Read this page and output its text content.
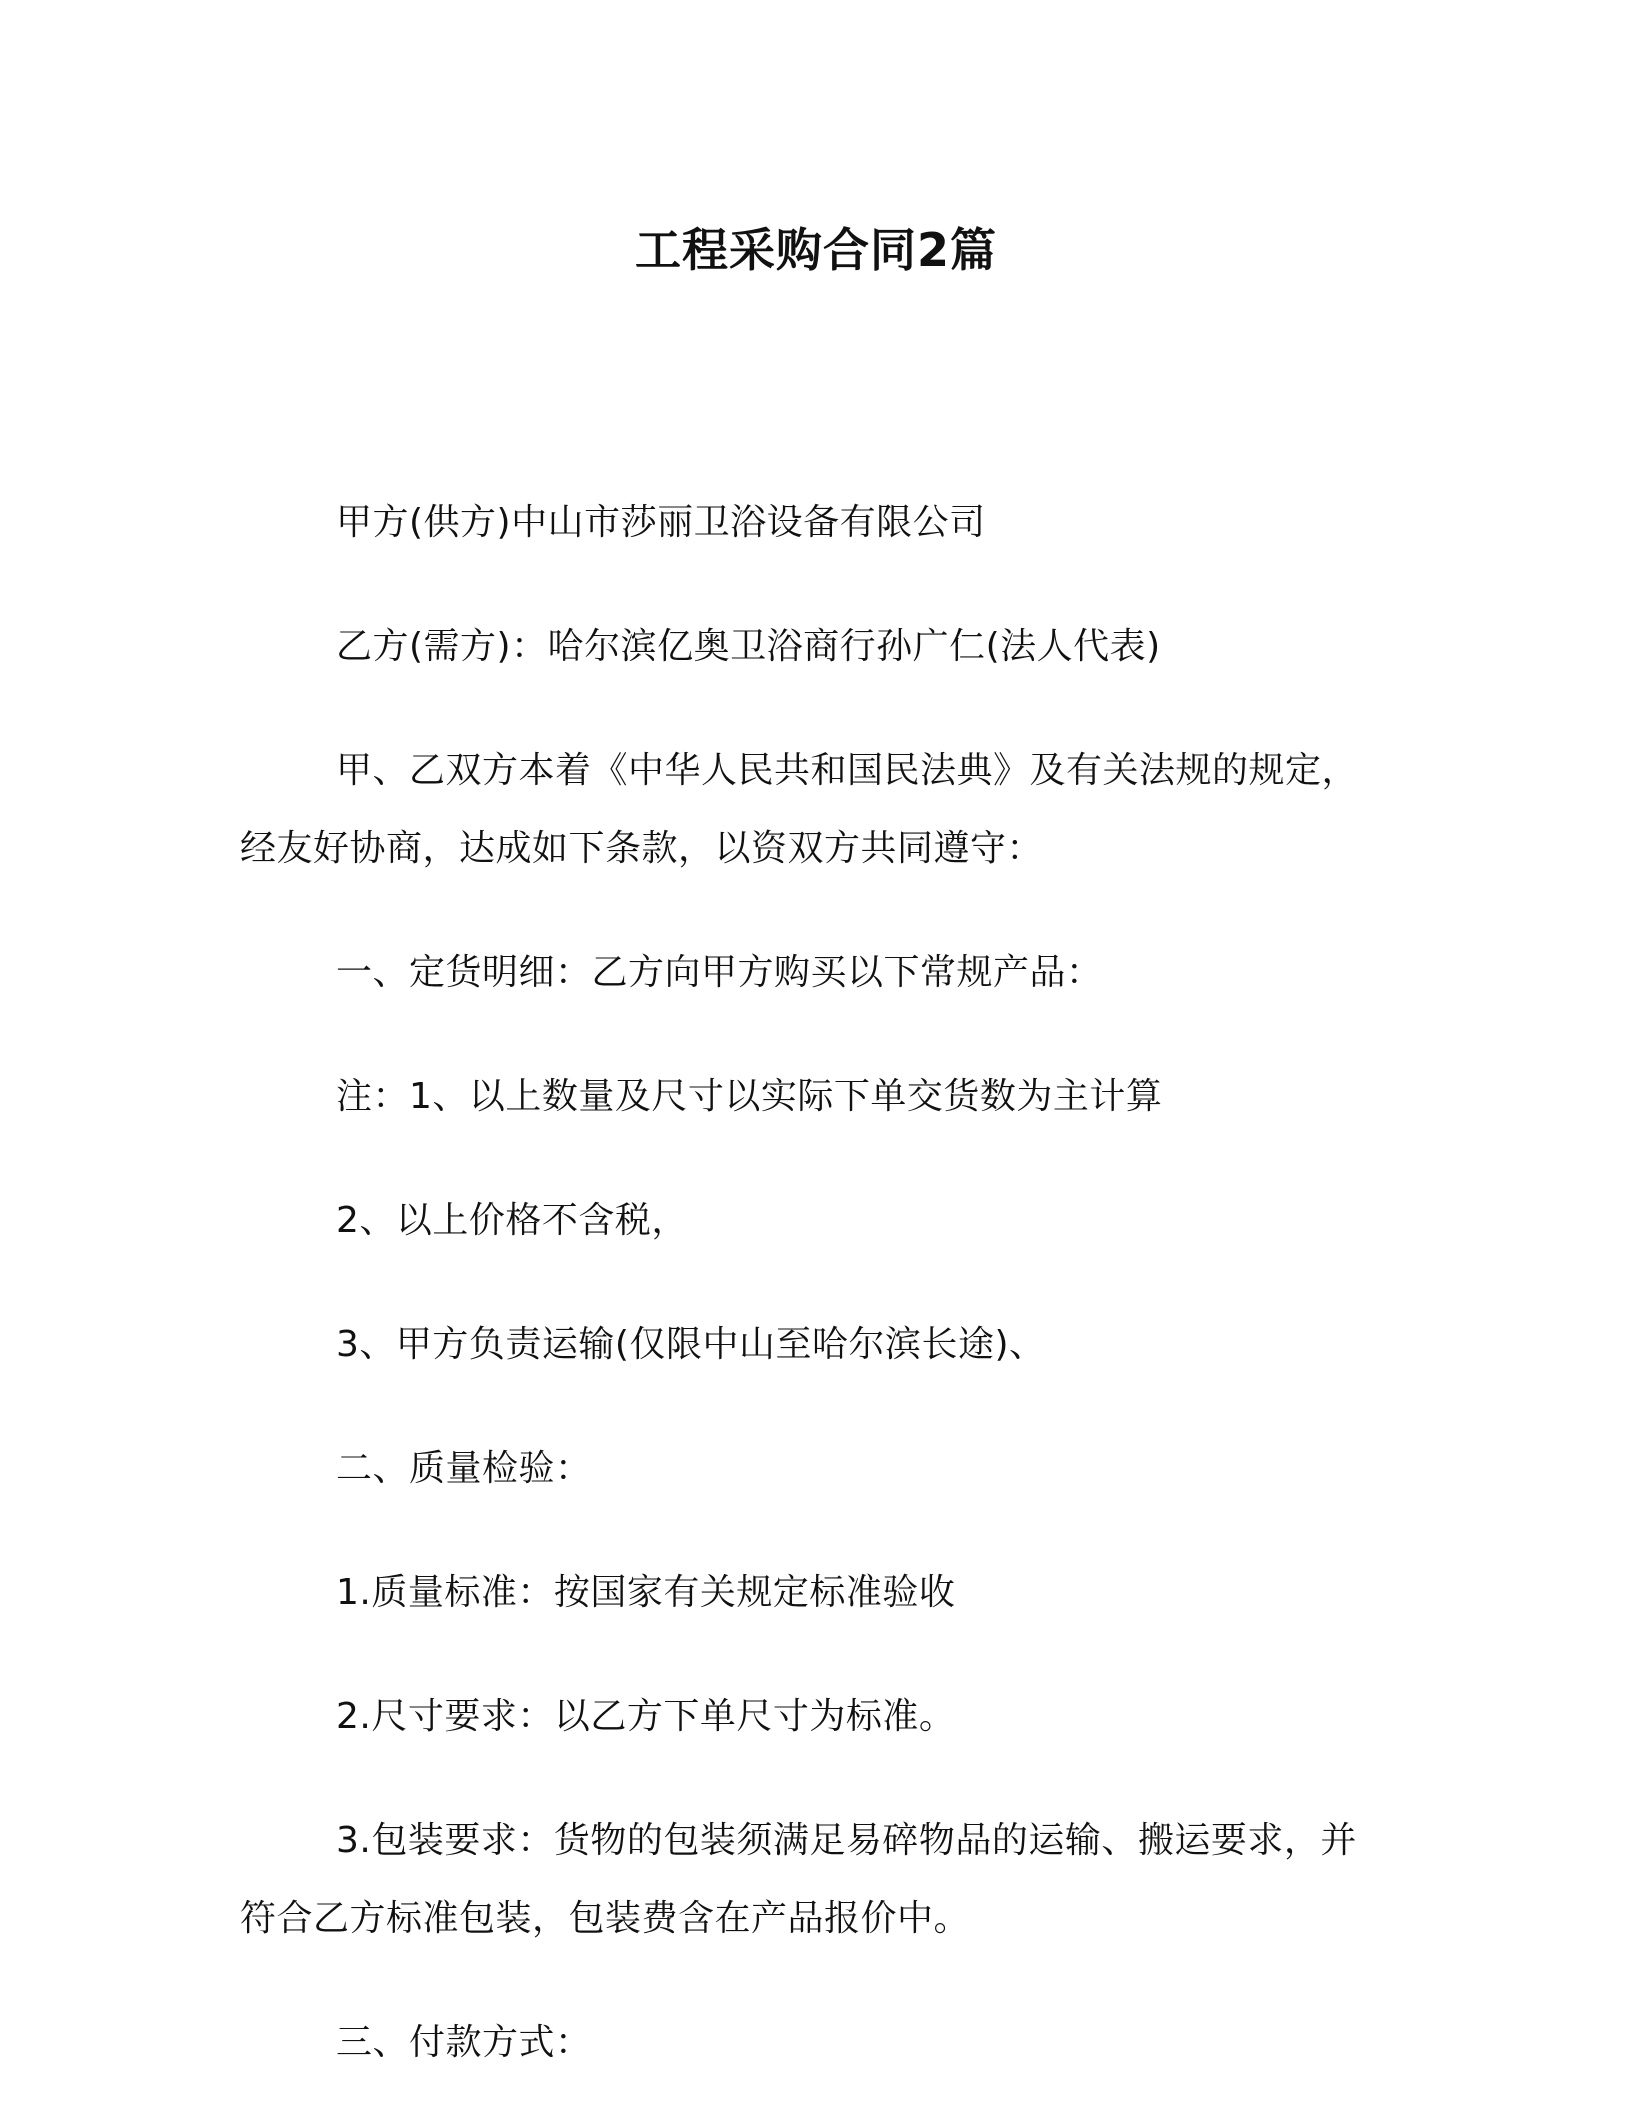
工程采购合同2篇

甲方(供方)中山市莎丽卫浴设备有限公司

乙方(需方)：哈尔滨亿奥卫浴商行孙广仁(法人代表)

甲、乙双方本着《中华人民共和国民法典》及有关法规的规定，经友好协商，达成如下条款，以资双方共同遵守：

一、定货明细：乙方向甲方购买以下常规产品：

注：1、以上数量及尺寸以实际下单交货数为主计算

2、以上价格不含税，

3、甲方负责运输(仅限中山至哈尔滨长途)、

二、质量检验：

1.质量标准：按国家有关规定标准验收

2.尺寸要求：以乙方下单尺寸为标准。

3.包装要求：货物的包装须满足易碎物品的运输、搬运要求，并符合乙方标准包装，包装费含在产品报价中。

三、付款方式：
